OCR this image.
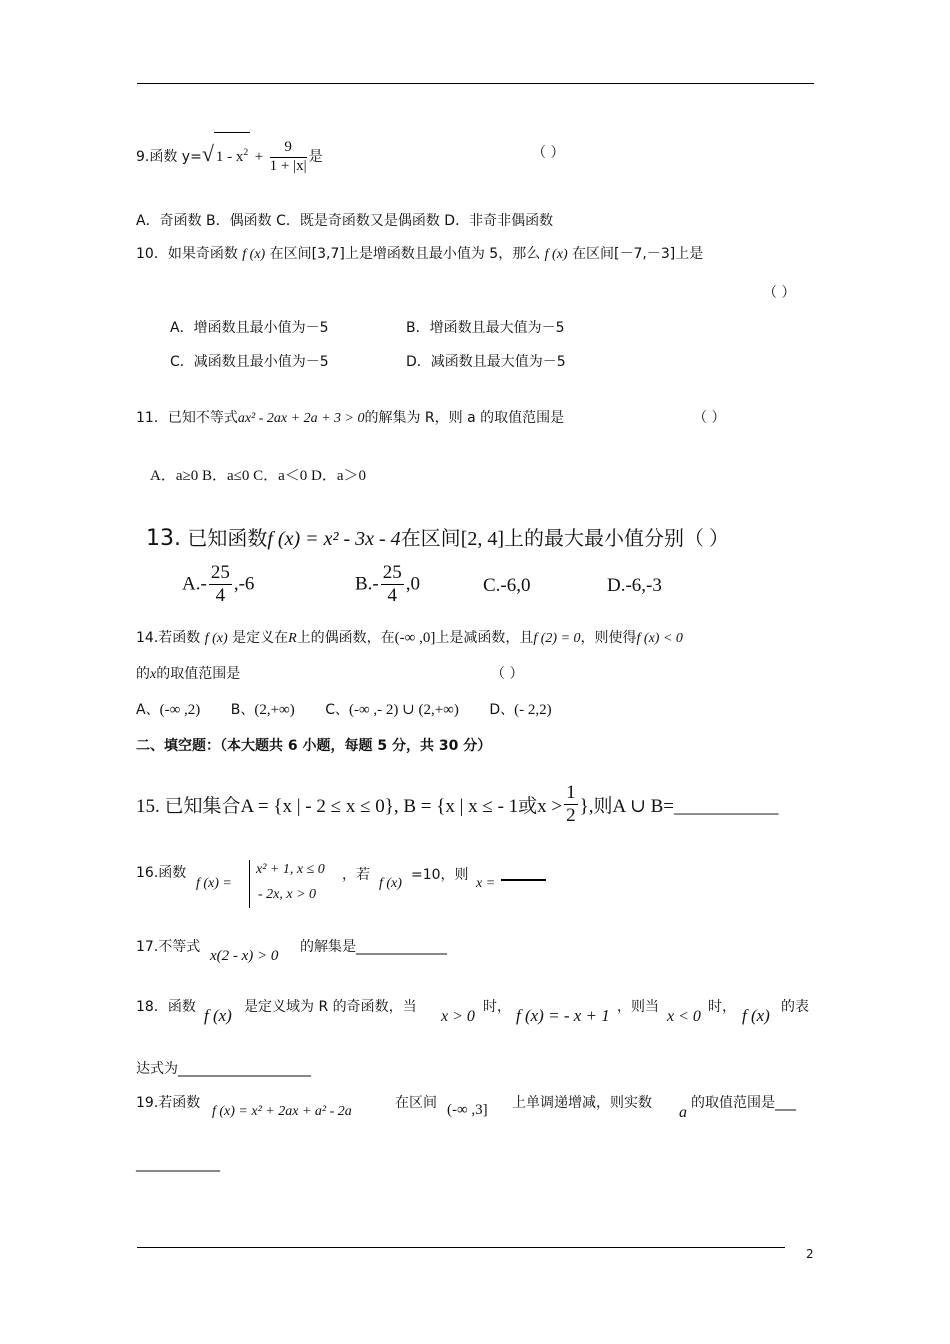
9.函数 y=√ $1 - x^2 + \frac{9}{1 + |x|}$ 是	（ ）
A．奇函数 B．偶函数 C．既是奇函数又是偶函数 D．非奇非偶函数
10．如果奇函数 f (x) 在区间[3,7]上是增函数且最小值为 5，那么 f (x) 在区间[－7,－3]上是
（ ）
A．增函数且最小值为－5	B．增函数且最大值为－5
C．减函数且最小值为－5	D．减函数且最大值为－5
11．已知不等式ax² - 2ax + 2a + 3 > 0的解集为 R，则 a 的取值范围是	（ ）
A．a≥0 B．a≤0 C．a＜0 D．a＞0
13. 已知函数f (x) = x² - 3x - 4在区间[2, 4]上的最大最小值分别（ ）
$A.- \frac{25}{4} ,-6$	$B.- \frac{25}{4} ,0$	C.-6,0	D.-6,-3
14.若函数 f (x) 是定义在R上的偶函数，在(-∞ ,0]上是减函数，且f (2) = 0，则使得f (x) < 0
的x的取值范围是	（ ）
A、(-∞ ,2) B、(2,+∞) C、(-∞ ,- 2) ∪ (2,+∞) D、(- 2,2)
二、填空题：（本大题共 6 小题，每题 5 分，共 30 分）
15. 已知集合A = {x | - 2 ≤ x ≤ 0}, B = {x | x ≤ - 1或$x > \frac{1}{2}$ },则A ∪ B=___________
16.函数
f (x) =
x² + 1, x ≤ 0
- 2x, x > 0
，若
f (x)
=10，则
x =
17.不等式
x(2 - x) > 0
的解集是_____________
18．函数 f (x) 是定义域为 R 的奇函数，当
x > 0
时， f (x) = - x + 1 ，则当
x < 0
时， f (x) 的表
达式为___________________
19.若函数
f (x) = x² + 2ax + a² - 2a
在区间 (-∞ ,3] 上单调递增减，则实数
a
的取值范围是___
____________
2
